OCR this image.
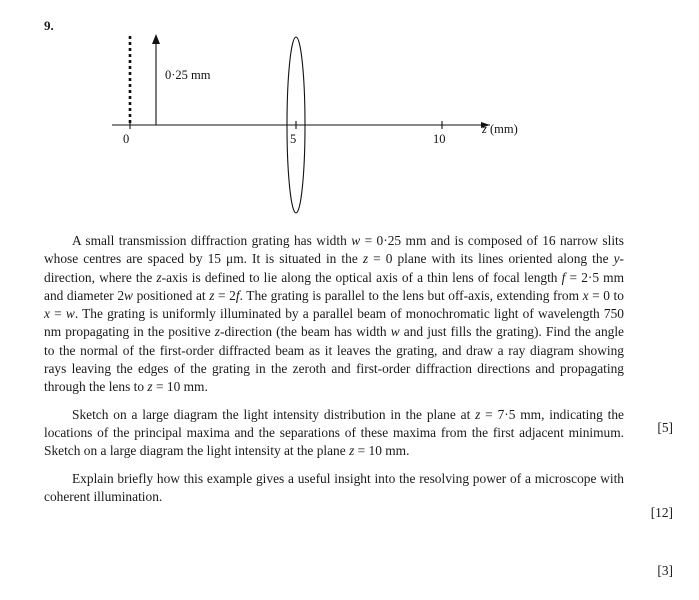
9.
0·25 mm
0	5	10
z (mm)

A small transmission diffraction grating has width w = 0·25 mm and is composed of 16 narrow slits whose centres are spaced by 15 μm. It is situated in the z = 0 plane with its lines oriented along the y-direction, where the z-axis is defined to lie along the optical axis of a thin lens of focal length f = 2·5 mm and diameter 2w positioned at z = 2f. The grating is parallel to the lens but off-axis, extending from x = 0 to x = w. The grating is uniformly illuminated by a parallel beam of monochromatic light of wavelength 750 nm propagating in the positive z-direction (the beam has width w and just fills the grating). Find the angle to the normal of the first-order diffracted beam as it leaves the grating, and draw a ray diagram showing rays leaving the edges of the grating in the zeroth and first-order diffraction directions and propagating through the lens to z = 10 mm.

Sketch on a large diagram the light intensity distribution in the plane at z = 7·5 mm, indicating the locations of the principal maxima and the separations of these maxima from the first adjacent minimum. Sketch on a large diagram the light intensity at the plane z = 10 mm.

Explain briefly how this example gives a useful insight into the resolving power of a microscope with coherent illumination.

[5]
[12]
[3]
